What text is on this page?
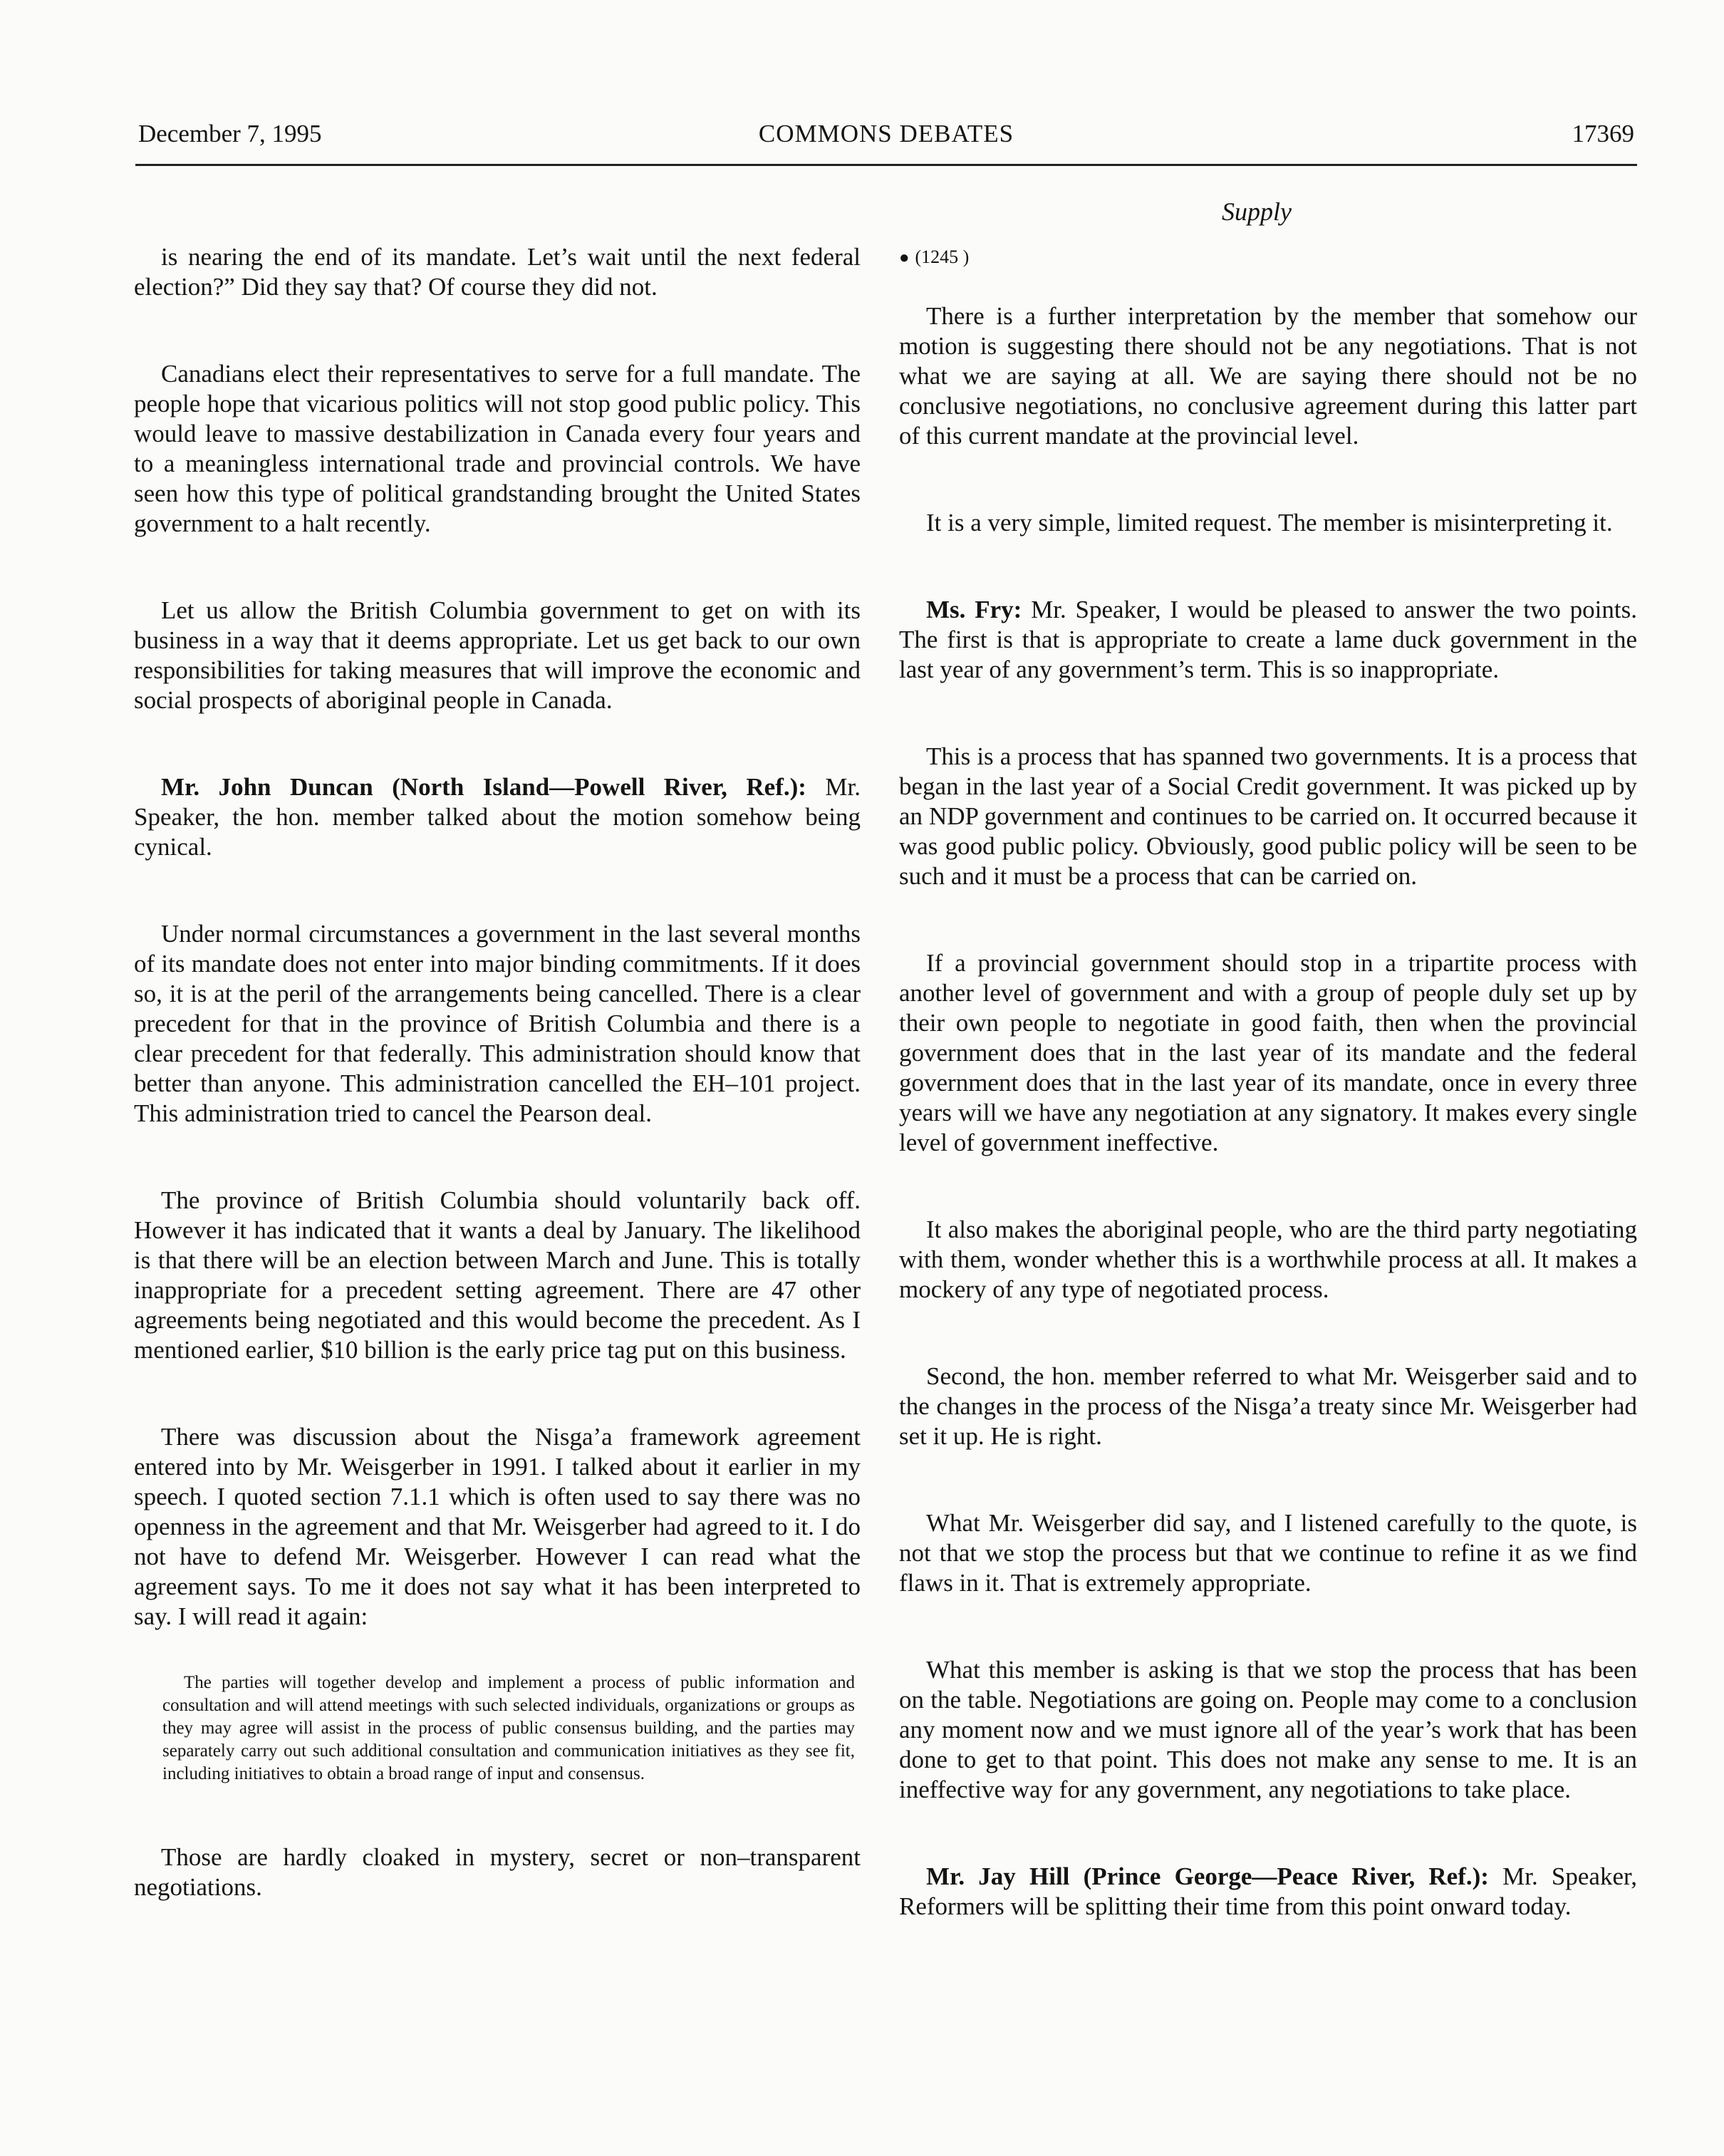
December 7, 1995	COMMONS DEBATES	17369
Supply

is nearing the end of its mandate. Let’s wait until the next federal election?” Did they say that? Of course they did not.

Canadians elect their representatives to serve for a full mandate. The people hope that vicarious politics will not stop good public policy. This would leave to massive destabilization in Canada every four years and to a meaningless international trade and provincial controls. We have seen how this type of political grandstanding brought the United States government to a halt recently.

Let us allow the British Columbia government to get on with its business in a way that it deems appropriate. Let us get back to our own responsibilities for taking measures that will improve the economic and social prospects of aboriginal people in Canada.

Mr. John Duncan (North Island—Powell River, Ref.): Mr. Speaker, the hon. member talked about the motion somehow being cynical.

Under normal circumstances a government in the last several months of its mandate does not enter into major binding commitments. If it does so, it is at the peril of the arrangements being cancelled. There is a clear precedent for that in the province of British Columbia and there is a clear precedent for that federally. This administration should know that better than anyone. This administration cancelled the EH–101 project. This administration tried to cancel the Pearson deal.

The province of British Columbia should voluntarily back off. However it has indicated that it wants a deal by January. The likelihood is that there will be an election between March and June. This is totally inappropriate for a precedent setting agreement. There are 47 other agreements being negotiated and this would become the precedent. As I mentioned earlier, $10 billion is the early price tag put on this business.

There was discussion about the Nisga’a framework agreement entered into by Mr. Weisgerber in 1991. I talked about it earlier in my speech. I quoted section 7.1.1 which is often used to say there was no openness in the agreement and that Mr. Weisgerber had agreed to it. I do not have to defend Mr. Weisgerber. However I can read what the agreement says. To me it does not say what it has been interpreted to say. I will read it again:

The parties will together develop and implement a process of public information and consultation and will attend meetings with such selected individuals, organizations or groups as they may agree will assist in the process of public consensus building, and the parties may separately carry out such additional consultation and communication initiatives as they see fit, including initiatives to obtain a broad range of input and consensus.

Those are hardly cloaked in mystery, secret or non–transparent negotiations.

● (1245 )

There is a further interpretation by the member that somehow our motion is suggesting there should not be any negotiations. That is not what we are saying at all. We are saying there should not be no conclusive negotiations, no conclusive agreement during this latter part of this current mandate at the provincial level.

It is a very simple, limited request. The member is misinterpreting it.

Ms. Fry: Mr. Speaker, I would be pleased to answer the two points. The first is that is appropriate to create a lame duck government in the last year of any government’s term. This is so inappropriate.

This is a process that has spanned two governments. It is a process that began in the last year of a Social Credit government. It was picked up by an NDP government and continues to be carried on. It occurred because it was good public policy. Obviously, good public policy will be seen to be such and it must be a process that can be carried on.

If a provincial government should stop in a tripartite process with another level of government and with a group of people duly set up by their own people to negotiate in good faith, then when the provincial government does that in the last year of its mandate and the federal government does that in the last year of its mandate, once in every three years will we have any negotiation at any signatory. It makes every single level of government ineffective.

It also makes the aboriginal people, who are the third party negotiating with them, wonder whether this is a worthwhile process at all. It makes a mockery of any type of negotiated process.

Second, the hon. member referred to what Mr. Weisgerber said and to the changes in the process of the Nisga’a treaty since Mr. Weisgerber had set it up. He is right.

What Mr. Weisgerber did say, and I listened carefully to the quote, is not that we stop the process but that we continue to refine it as we find flaws in it. That is extremely appropriate.

What this member is asking is that we stop the process that has been on the table. Negotiations are going on. People may come to a conclusion any moment now and we must ignore all of the year’s work that has been done to get to that point. This does not make any sense to me. It is an ineffective way for any government, any negotiations to take place.

Mr. Jay Hill (Prince George—Peace River, Ref.): Mr. Speaker, Reformers will be splitting their time from this point onward today.
